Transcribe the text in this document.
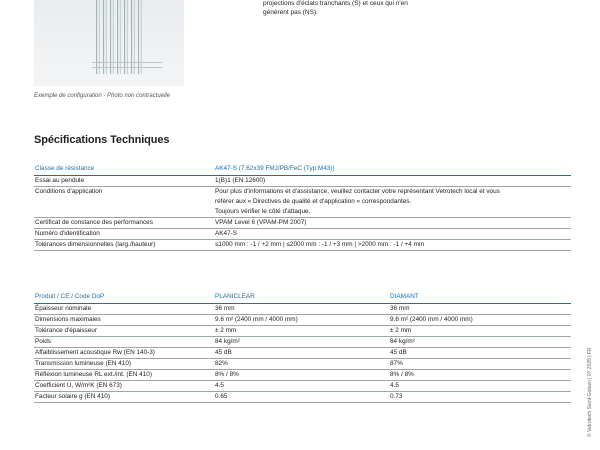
Exemple de configuration - Photo non contractuelle
projections d'éclats tranchants (S) et ceux qui n'en
génèrent pas (NS).
Spécifications Techniques
Classe de résistance	AK47-S (7.62x39 FMJ/PB/FeC (Typ:M43))
Essai au pendule	1(B)1 (EN 12600)
Conditions d'application	Pour plus d'informations et d'assistance, veuillez contacter votre représentant Vetrotech local et vous
référer aux « Directives de qualité et d'application » correspondantes.
Toujours vérifier le côté d'attaque.

Certificat de constance des performances	VPAM Level 6 (VPAM-PM 2007)
Numéro d'identification	AK47-S
Tolérances dimensionnelles (larg./hauteur)	≤1000 mm : -1 / +2 mm | ≤2000 mm : -1 / +3 mm | >2000 mm : -1 / +4 mm
Produit / CE / Code DoP	PLANICLEAR	DIAMANT
Épaisseur nominale	36 mm	36 mm
Dimensions maximales	9.6 m² (2400 mm / 4000 mm)	9.6 m² (2400 mm / 4000 mm)
Tolérance d'épaisseur	± 2 mm	± 2 mm
Poids	84 kg/m²	84 kg/m²
Affaiblissement acoustique Rw (EN 140-3)	45 dB	45 dB
Transmission lumineuse (EN 410)	82%	87%
Réflexion lumineuse RL ext./int. (EN 410)	8% / 8%	8% / 8%
Coefficient U, W/m²K (EN 673)	4.5	4.5
Facteur solaire g (EN 410)	0.65	0.73	© Vetrotech Saint-Gobain | 07.2025 | FR
